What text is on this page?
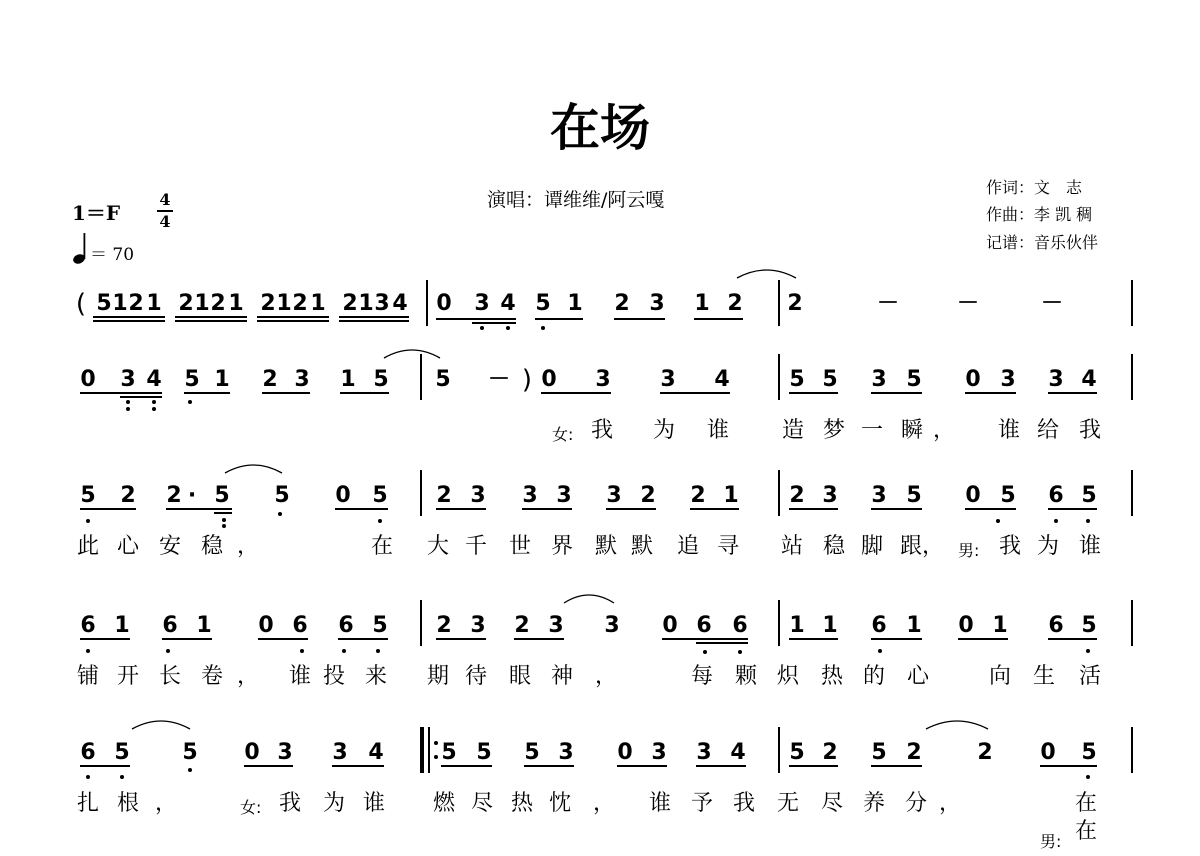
在场
演唱：谭维维/阿云嘎
作词：文　志
作曲：李 凯 稠
记谱：音乐伙伴
1＝F
4
4
＝ 70
( 5 1 2 1 2 1 2 1 2 1 2 1 2 1 3 4 0 3 4 5 1 2 3 1 2 2	－	－	－
0 3 4 5 1 2 3 1 5 5 － ) 0 3 3 4	5 5 3 5 0 3 3 4
女: 我 为 谁 造 梦 一 瞬 ， 谁 给 我
5 2 2 · 5 5 0 5 2 3 3 3 3 2 2 1 2 3 3 5 0 5 6 5
此 心 安 稳 ，	在 大 千 世 界 默 默 追 寻 站 稳 脚 跟， 男: 我 为 谁
6 1 6 1 0 6 6 5 2 3 2 3 3 0 6 6 1 1 6 1 0 1 6 5
铺 开 长 卷 ， 谁 投 来 期 待 眼 神 ，	每 颗 炽 热 的 心	向 生 活
6 5 5 0 3 3 4	5 5 5 3 0 3 3 4 5 2 5 2	2 0 5
扎 根 ，	女: 我 为 谁 燃 尽 热 忱 ， 谁 予 我 无 尽 养 分 ，	在
男: 在
